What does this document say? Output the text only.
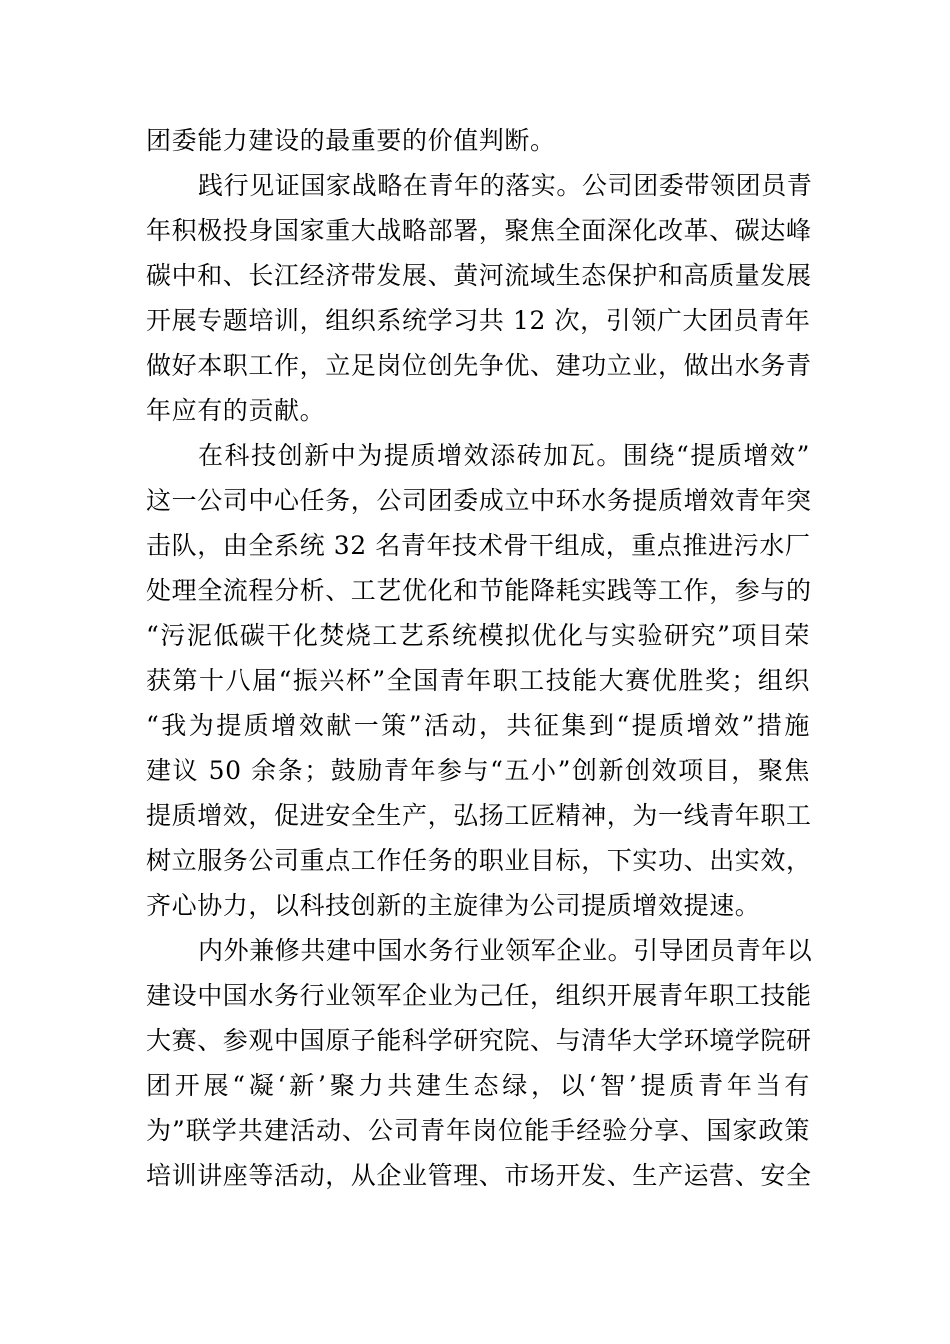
团委能力建设的最重要的价值判断。
践行见证国家战略在青年的落实。公司团委带领团员青
年积极投身国家重大战略部署，聚焦全面深化改革、碳达峰
碳中和、长江经济带发展、黄河流域生态保护和高质量发展
开展专题培训，组织系统学习共 12 次，引领广大团员青年
做好本职工作，立足岗位创先争优、建功立业，做出水务青
年应有的贡献。
在科技创新中为提质增效添砖加瓦。围绕“提质增效”
这一公司中心任务，公司团委成立中环水务提质增效青年突
击队，由全系统 32 名青年技术骨干组成，重点推进污水厂
处理全流程分析、工艺优化和节能降耗实践等工作，参与的
“污泥低碳干化焚烧工艺系统模拟优化与实验研究”项目荣
获第十八届“振兴杯”全国青年职工技能大赛优胜奖；组织
“我为提质增效献一策”活动，共征集到“提质增效”措施
建议 50 余条；鼓励青年参与“五小”创新创效项目，聚焦
提质增效，促进安全生产，弘扬工匠精神，为一线青年职工
树立服务公司重点工作任务的职业目标，下实功、出实效，
齐心协力，以科技创新的主旋律为公司提质增效提速。
内外兼修共建中国水务行业领军企业。引导团员青年以
建设中国水务行业领军企业为己任，组织开展青年职工技能
大赛、参观中国原子能科学研究院、与清华大学环境学院研
团开展“凝‘新’聚力共建生态绿，以‘智’提质青年当有
为”联学共建活动、公司青年岗位能手经验分享、国家政策
培训讲座等活动，从企业管理、市场开发、生产运营、安全
